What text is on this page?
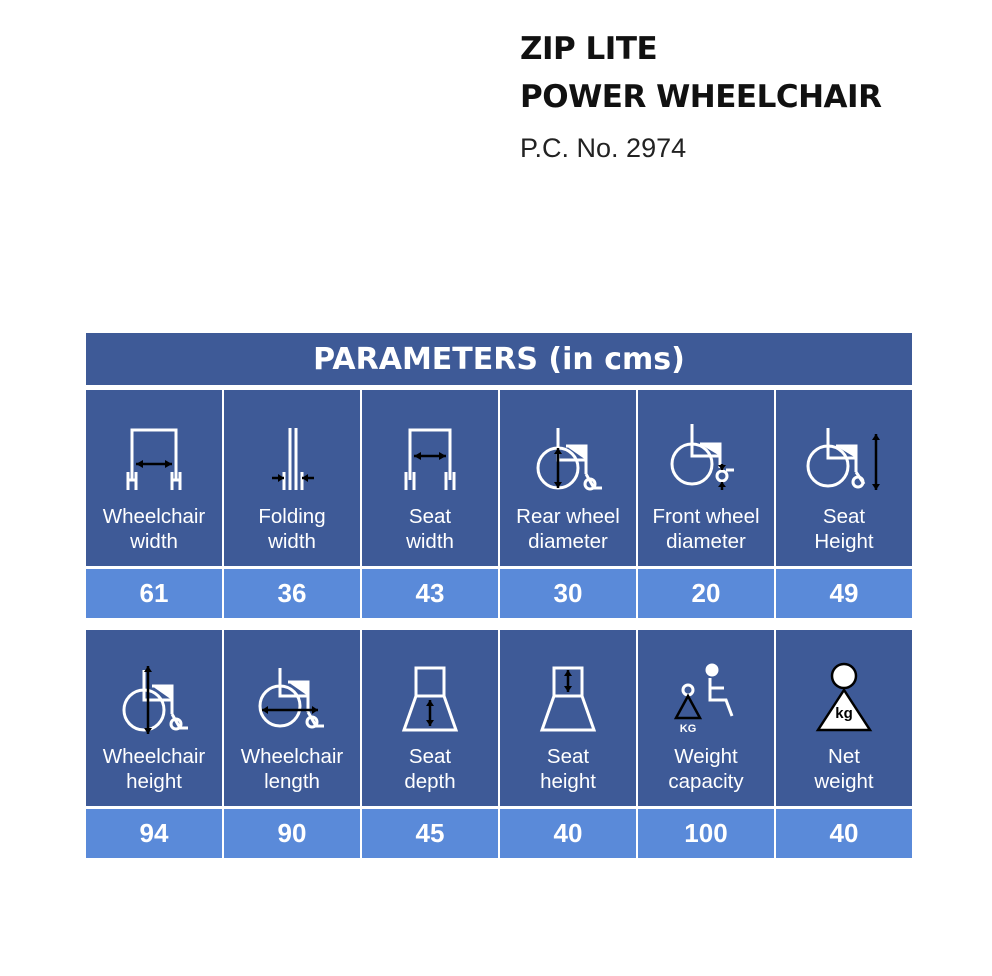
ZIP LITE
POWER WHEELCHAIR
P.C. No. 2974
PARAMETERS (in cms)
Wheelchair
width
61
Folding
width
36
Seat
width
43
Rear wheel
diameter
30
Front wheel
diameter
20
Seat
Height
49
Wheelchair
height
94
Wheelchair
length
90
Seat
depth
45
Seat
height
40
KG
Weight
capacity
100
kg
Net
weight
40
